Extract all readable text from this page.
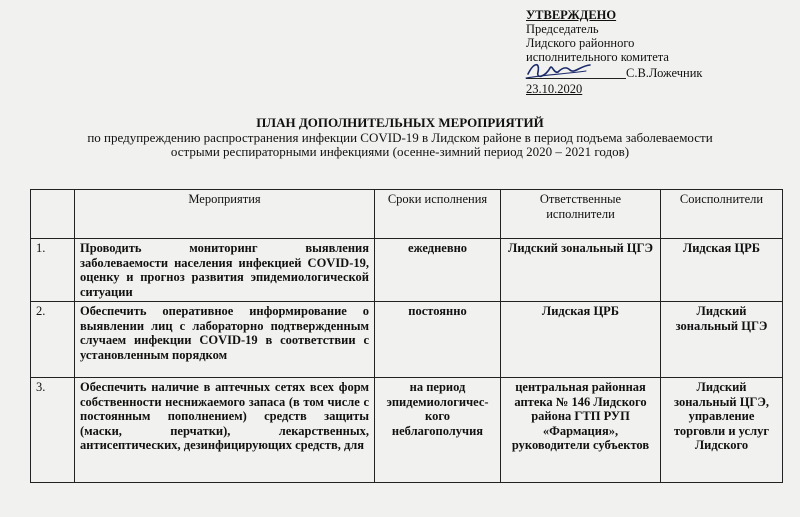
УТВЕРЖДЕНО
Председатель
Лидского районного
исполнительного комитета
С.В.Ложечник
23.10.2020
ПЛАН ДОПОЛНИТЕЛЬНЫХ МЕРОПРИЯТИЙ
по предупреждению распространения инфекции COVID-19 в Лидском районе в период подъема заболеваемости
острыми респираторными инфекциями (осенне-зимний период 2020 – 2021 годов)
	Мероприятия	Сроки исполнения	Ответственные исполнители	Соисполнители
1.	Проводить мониторинг выявления заболеваемости населения инфекцией COVID-19, оценку и прогноз развития эпидемиологической ситуации	ежедневно	Лидский зональный ЦГЭ	Лидская ЦРБ
2.	Обеспечить оперативное информирование о выявлении лиц с лабораторно подтвержденным случаем инфекции COVID-19 в соответствии с установленным порядком	постоянно	Лидская ЦРБ	Лидский зональный ЦГЭ
3.	Обеспечить наличие в аптечных сетях всех форм собственности неснижаемого запаса (в том числе с постоянным пополнением) средств защиты (маски, перчатки), лекарственных, антисептических, дезинфицирующих средств, для	на период эпидемиологичес-кого неблагополучия	центральная районная аптека № 146 Лидского района ГТП РУП «Фармация», руководители субъектов	Лидский зональный ЦГЭ, управление торговли и услуг Лидского
